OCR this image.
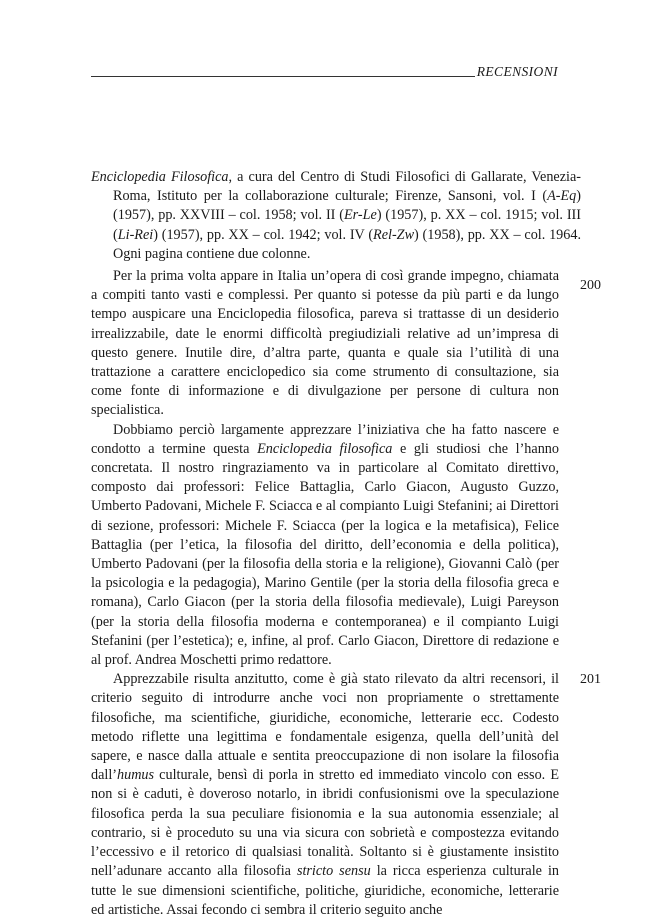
RECENSIONI

Enciclopedia Filosofica, a cura del Centro di Studi Filosofici di Gallarate, Venezia-Roma, Istituto per la collaborazione culturale; Firenze, Sansoni, vol. I (A-Eq) (1957), pp. XXVIII – col. 1958; vol. II (Er-Le) (1957), p. XX – col. 1915; vol. III (Li-Rei) (1957), pp. XX – col. 1942; vol. IV (Rel-Zw) (1958), pp. XX – col. 1964. Ogni pagina contiene due colonne.

Per la prima volta appare in Italia un’opera di così grande impegno, chiamata a compiti tanto vasti e complessi. Per quanto si potesse da più parti e da lungo tempo auspicare una Enciclopedia filosofica, pareva si trattasse di un desiderio irrealizzabile, date le enormi difficoltà pregiudiziali relative ad un’impresa di questo genere. Inutile dire, d’altra parte, quanta e quale sia l’utilità di una trattazione a carattere enciclopedico sia come strumento di consultazione, sia come fonte di informazione e di divulgazione per persone di cultura non specialistica.
200

Dobbiamo perciò largamente apprezzare l’iniziativa che ha fatto nascere e condotto a termine questa Enciclopedia filosofica e gli studiosi che l’hanno concretata. Il nostro ringraziamento va in particolare al Comitato direttivo, composto dai professori: Felice Battaglia, Carlo Giacon, Augusto Guzzo, Umberto Padovani, Michele F. Sciacca e al compianto Luigi Stefanini; ai Direttori di sezione, professori: Michele F. Sciacca (per la logica e la metafisica), Felice Battaglia (per l’etica, la filosofia del diritto, dell’economia e della politica), Umberto Padovani (per la filosofia della storia e la religione), Giovanni Calò (per la psicologia e la pedagogia), Marino Gentile (per la storia della filosofia greca e romana), Carlo Giacon (per la storia della filosofia medievale), Luigi Pareyson (per la storia della filosofia moderna e contemporanea) e il compianto Luigi Stefanini (per l’estetica); e, infine, al prof. Carlo Giacon, Direttore di redazione e al prof. Andrea Moschetti primo redattore.

Apprezzabile risulta anzitutto, come è già stato rilevato da altri recensori, il criterio seguito di introdurre anche voci non propriamente o strettamente filosofiche, ma scientifiche, giuridiche, economiche, letterarie ecc. Codesto metodo riflette una legittima e fondamentale esigenza, quella dell’unità del sapere, e nasce dalla attuale e sentita preoccupazione di non isolare la filosofia dall’humus culturale, bensì di porla in stretto ed immediato vincolo con esso. E non si è caduti, è doveroso notarlo, in ibridi confusionismi ove la speculazione filosofica perda la sua peculiare fisionomia e la sua autonomia essenziale; al contrario, si è proceduto su una via sicura con sobrietà e compostezza evitando l’eccessivo e il retorico di qualsiasi tonalità. Soltanto si è giustamente insistito nell’adunare accanto alla filosofia stricto sensu la ricca esperienza culturale in tutte le sue dimensioni scientifiche, politiche, giuridiche, economiche, letterarie ed artistiche. Assai fecondo ci sembra il criterio seguito anche
201
